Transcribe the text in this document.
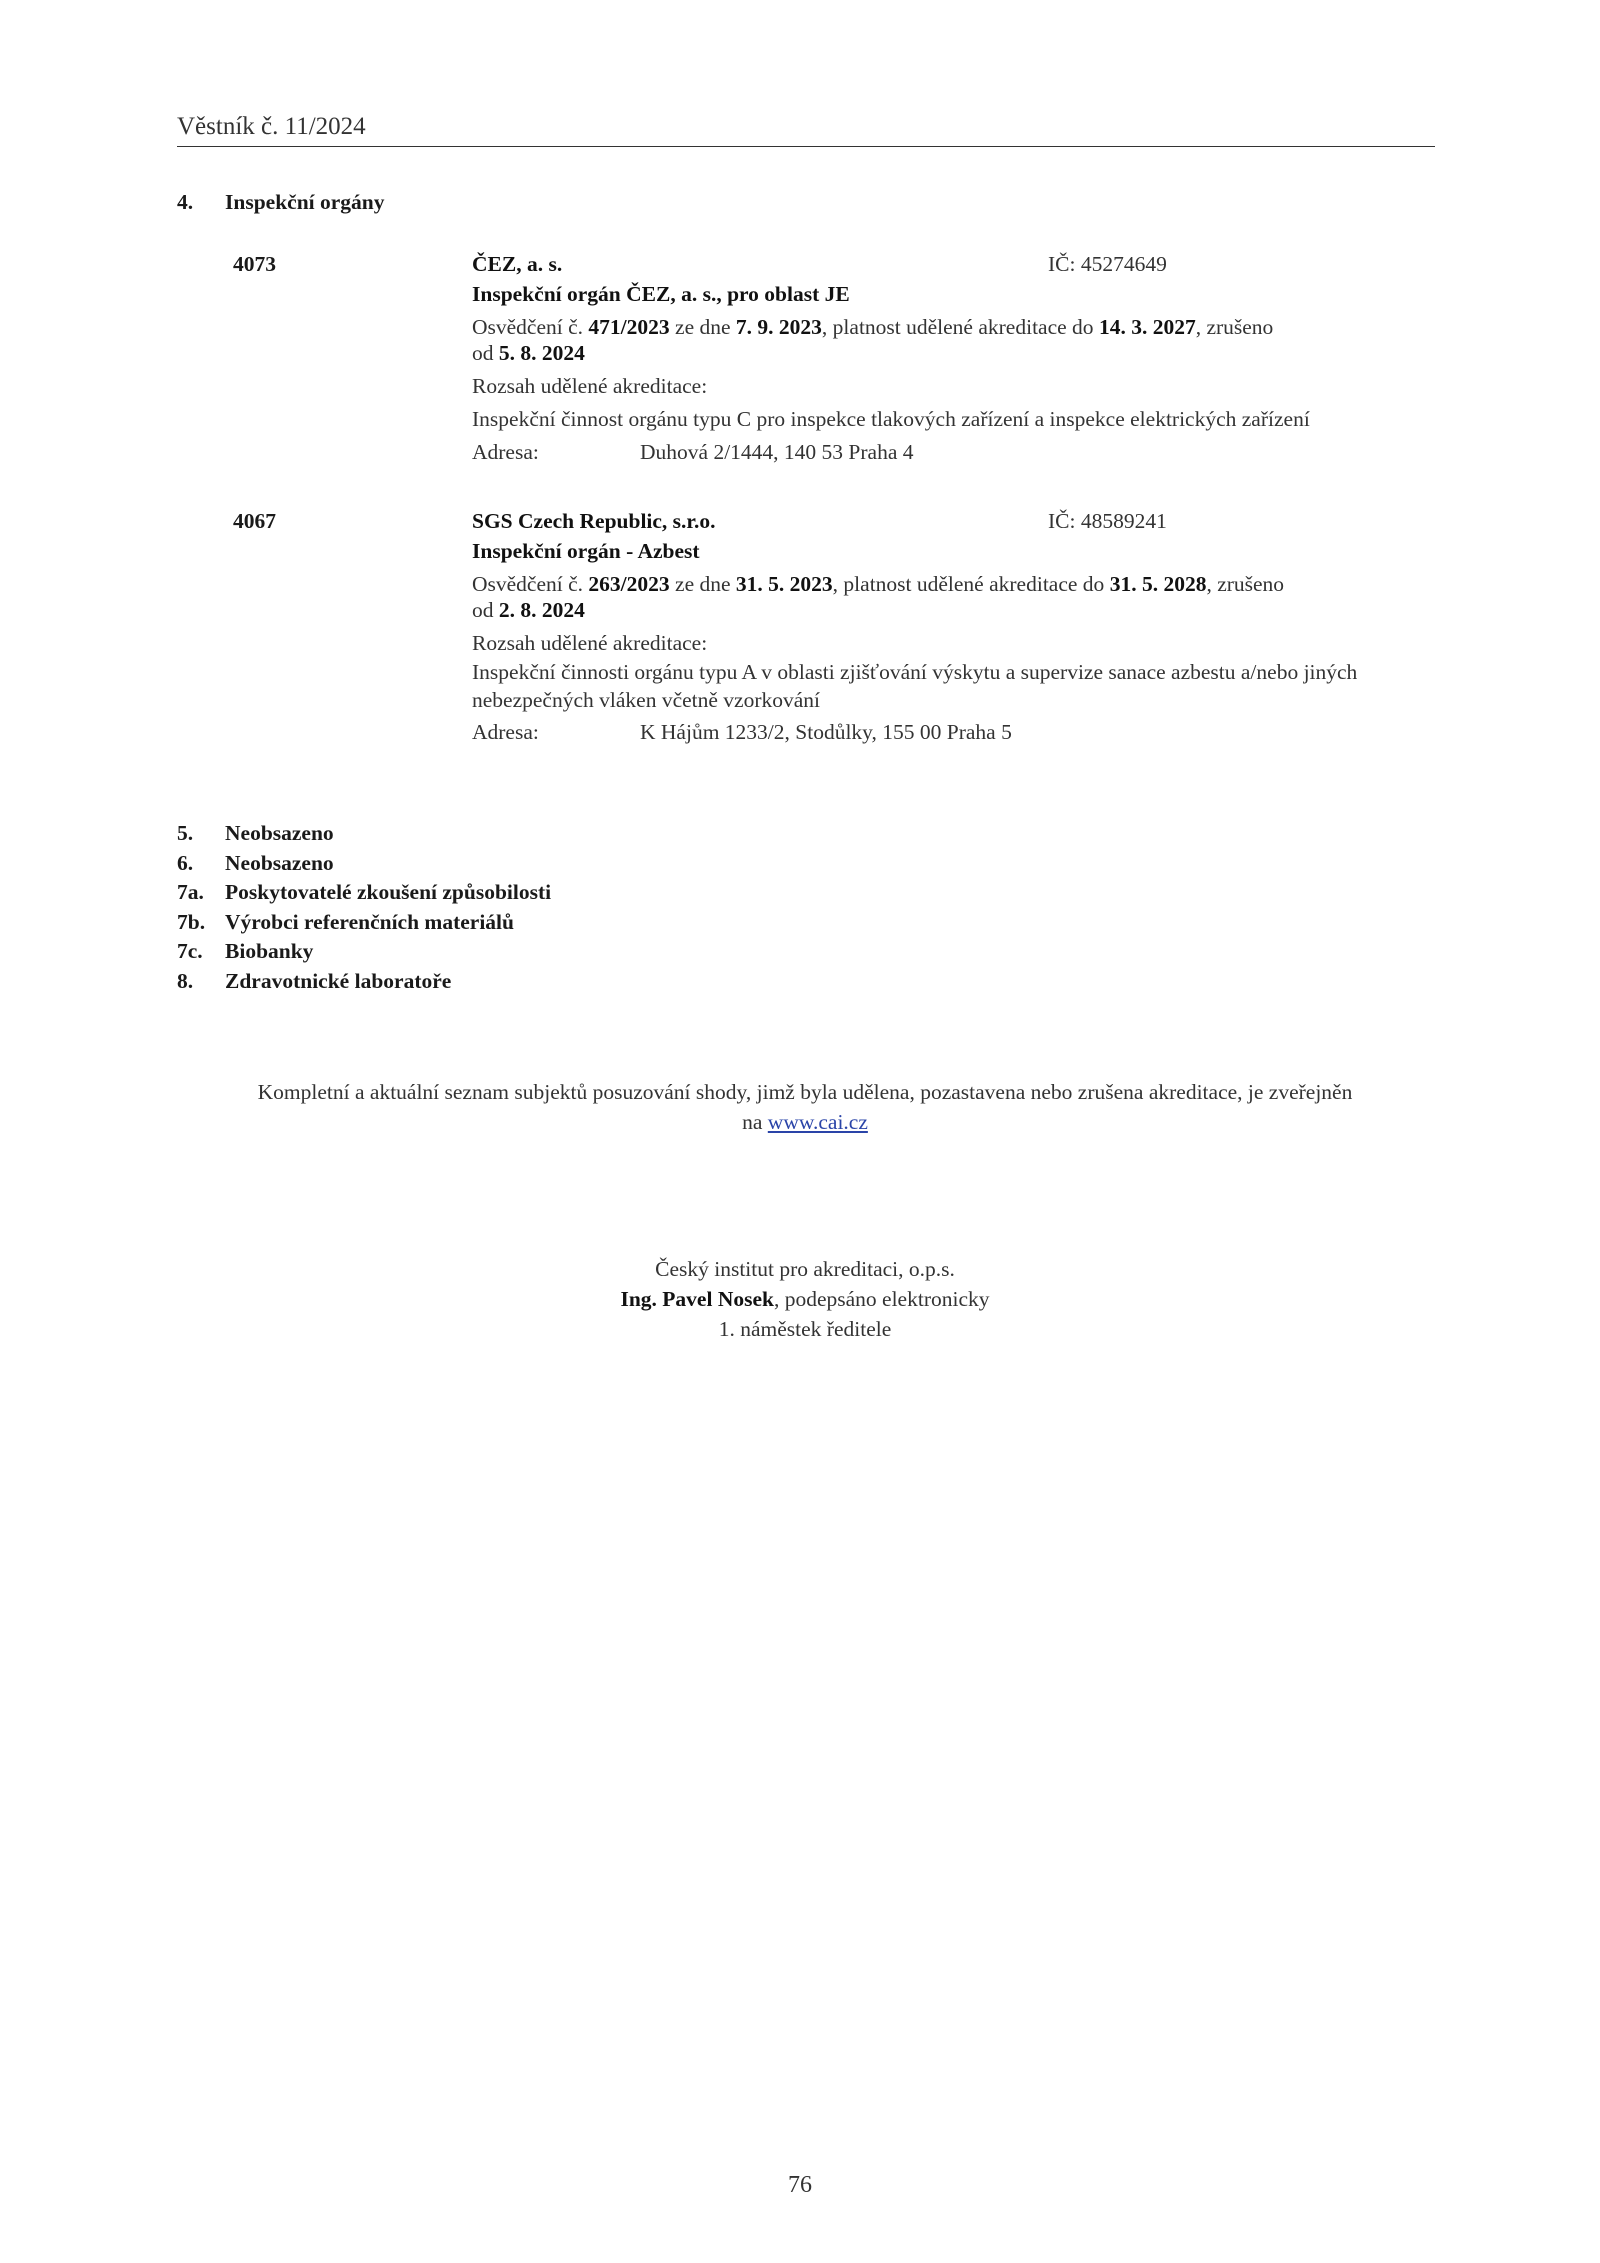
Věstník č. 11/2024
4. Inspekční orgány
4073	ČEZ, a. s.	IČ: 45274649
Inspekční orgán ČEZ, a. s., pro oblast JE
Osvědčení č. 471/2023 ze dne 7. 9. 2023, platnost udělené akreditace do 14. 3. 2027, zrušeno
od 5. 8. 2024
Rozsah udělené akreditace:
Inspekční činnost orgánu typu C pro inspekce tlakových zařízení a inspekce elektrických zařízení
Adresa:	Duhová 2/1444, 140 53 Praha 4
4067	SGS Czech Republic, s.r.o.	IČ: 48589241
Inspekční orgán - Azbest
Osvědčení č. 263/2023 ze dne 31. 5. 2023, platnost udělené akreditace do 31. 5. 2028, zrušeno
od 2. 8. 2024
Rozsah udělené akreditace:
Inspekční činnosti orgánu typu A v oblasti zjišťování výskytu a supervize sanace azbestu a/nebo jiných nebezpečných vláken včetně vzorkování
Adresa:	K Hájům 1233/2, Stodůlky, 155 00 Praha 5
5. Neobsazeno
6. Neobsazeno
7a. Poskytovatelé zkoušení způsobilosti
7b. Výrobci referenčních materiálů
7c. Biobanky
8. Zdravotnické laboratoře
Kompletní a aktuální seznam subjektů posuzování shody, jimž byla udělena, pozastavena nebo zrušena akreditace, je zveřejněn
na www.cai.cz
Český institut pro akreditaci, o.p.s.
Ing. Pavel Nosek, podepsáno elektronicky
1. náměstek ředitele
76
